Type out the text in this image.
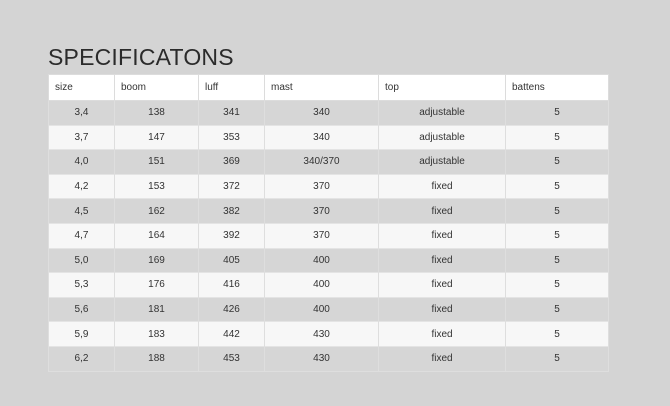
SPECIFICATONS
size	boom	luff	mast	top	battens
3,4	138	341	340	adjustable	5
3,7	147	353	340	adjustable	5
4,0	151	369	340/370	adjustable	5
4,2	153	372	370	fixed	5
4,5	162	382	370	fixed	5
4,7	164	392	370	fixed	5
5,0	169	405	400	fixed	5
5,3	176	416	400	fixed	5
5,6	181	426	400	fixed	5
5,9	183	442	430	fixed	5
6,2	188	453	430	fixed	5
